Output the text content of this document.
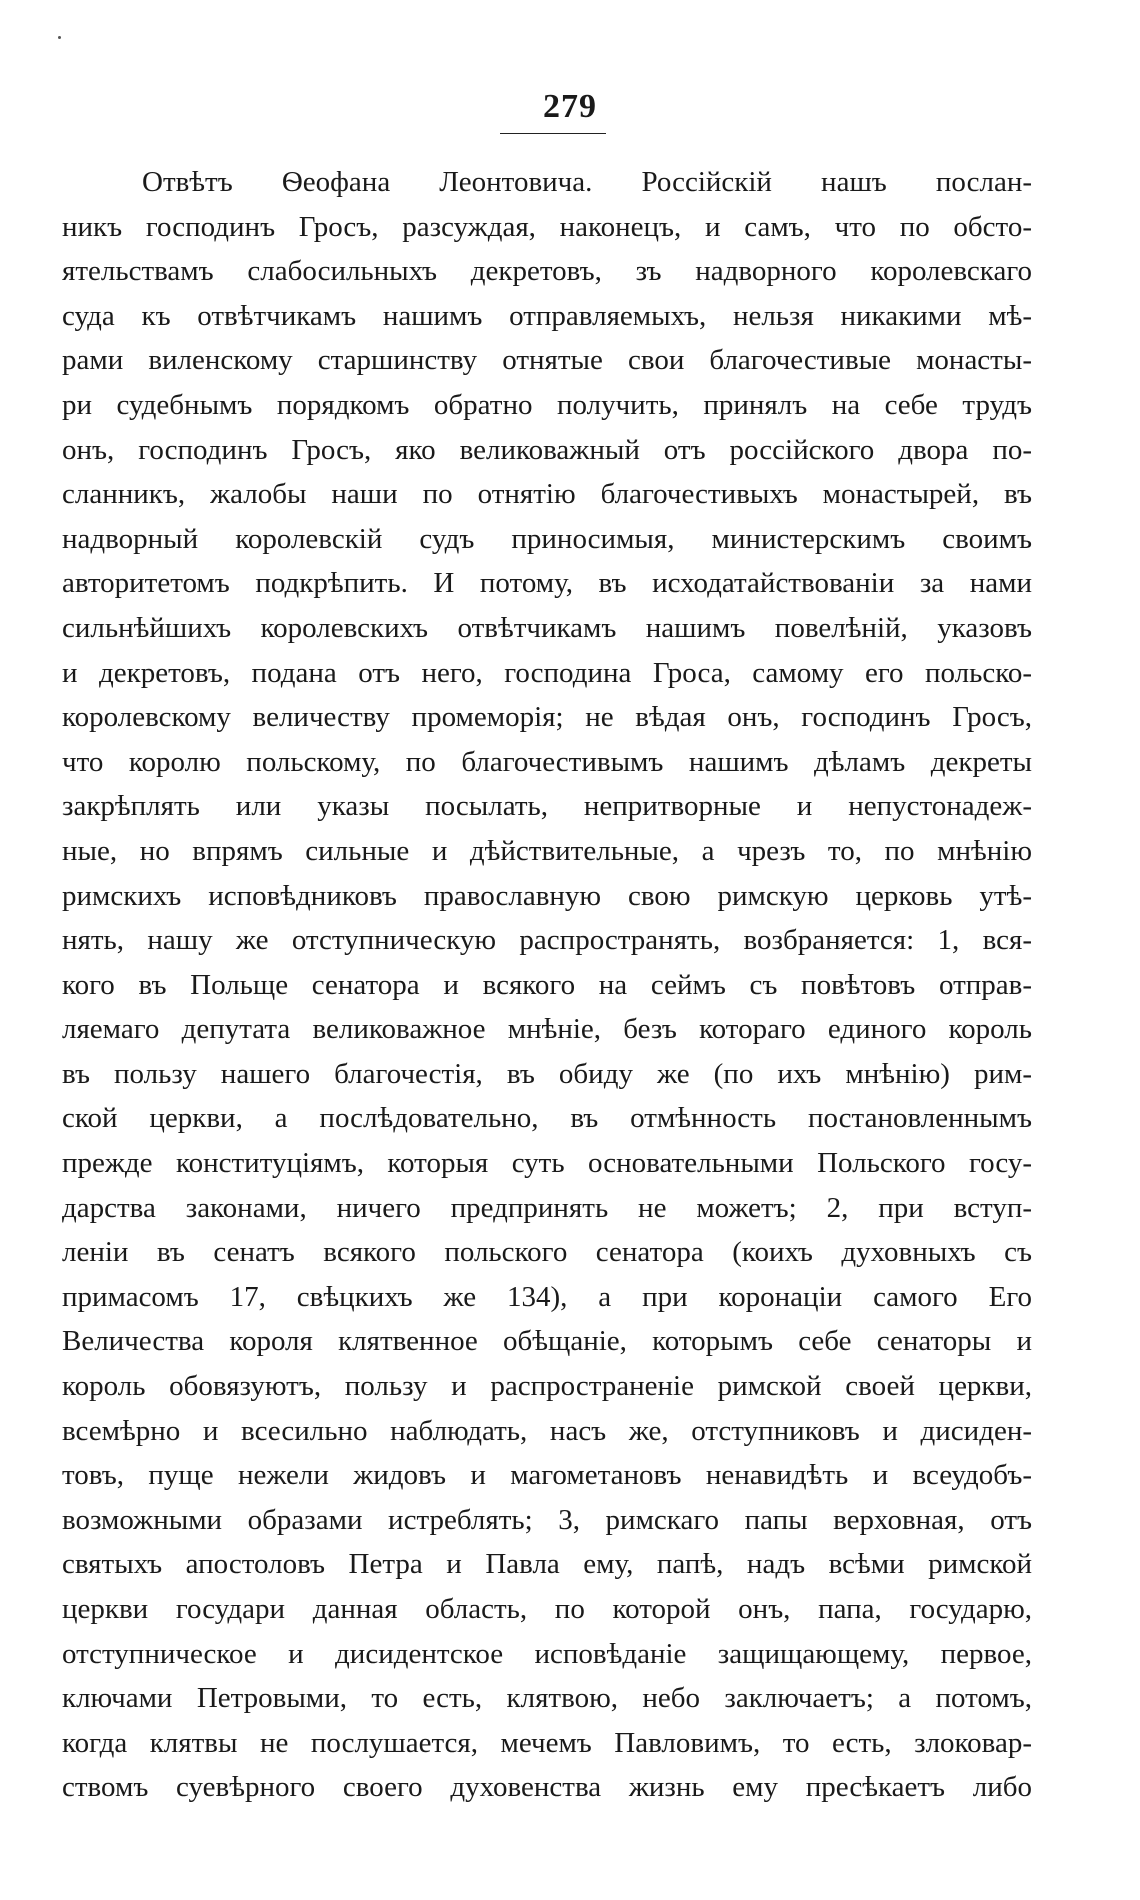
279
Отвѣтъ Ѳеофана Леонтовича. Россійскій нашъ послан-
никъ господинъ Гросъ, разсуждая, наконецъ, и самъ, что по обсто-
ятельствамъ слабосильныхъ декретовъ, зъ надворного королевскаго
суда къ отвѣтчикамъ нашимъ отправляемыхъ, нельзя никакими мѣ-
рами виленскому старшинству отнятые свои благочестивые монасты-
ри судебнымъ порядкомъ обратно получить, принялъ на себе трудъ
онъ, господинъ Гросъ, яко великоважный отъ россійского двора по-
сланникъ, жалобы наши по отнятію благочестивыхъ монастырей, въ
надворный королевскій судъ приносимыя, министерскимъ своимъ
авторитетомъ подкрѣпить. И потому, въ исходатайствованіи за нами
сильнѣйшихъ королевскихъ отвѣтчикамъ нашимъ повелѣній, указовъ
и декретовъ, подана отъ него, господина Гроса, самому его польско-
королевскому величеству промеморія; не вѣдая онъ, господинъ Гросъ,
что королю польскому, по благочестивымъ нашимъ дѣламъ декреты
закрѣплять или указы посылать, непритворные и непустонадеж-
ные, но впрямъ сильные и дѣйствительные, а чрезъ то, по мнѣнію
римскихъ исповѣдниковъ православную свою римскую церковь утѣ-
нять, нашу же отступническую распространять, возбраняется: 1, вся-
кого въ Польще сенатора и всякого на сеймъ съ повѣтовъ отправ-
ляемаго депутата великоважное мнѣніе, безъ котораго единого король
въ пользу нашего благочестія, въ обиду же (по ихъ мнѣнію) рим-
ской церкви, а послѣдовательно, въ отмѣнность постановленнымъ
прежде конституціямъ, которыя суть основательными Польского госу-
дарства законами, ничего предпринять не можетъ; 2, при вступ-
леніи въ сенатъ всякого польского сенатора (коихъ духовныхъ съ
примасомъ 17, свѣцкихъ же 134), а при коронаціи самого Его
Величества короля клятвенное обѣщаніе, которымъ себе сенаторы и
король обовязуютъ, пользу и распространеніе римской своей церкви,
всемѣрно и всесильно наблюдать, насъ же, отступниковъ и дисиден-
товъ, пуще нежели жидовъ и магометановъ ненавидѣть и всеудобъ-
возможными образами истреблять; 3, римскаго папы верховная, отъ
святыхъ апостоловъ Петра и Павла ему, папѣ, надъ всѣми римской
церкви государи данная область, по которой онъ, папа, государю,
отступническое и дисидентское исповѣданіе защищающему, первое,
ключами Петровыми, то есть, клятвою, небо заключаетъ; а потомъ,
когда клятвы не послушается, мечемъ Павловимъ, то есть, злоковар-
ствомъ суевѣрного своего духовенства жизнь ему пресѣкаетъ либо
